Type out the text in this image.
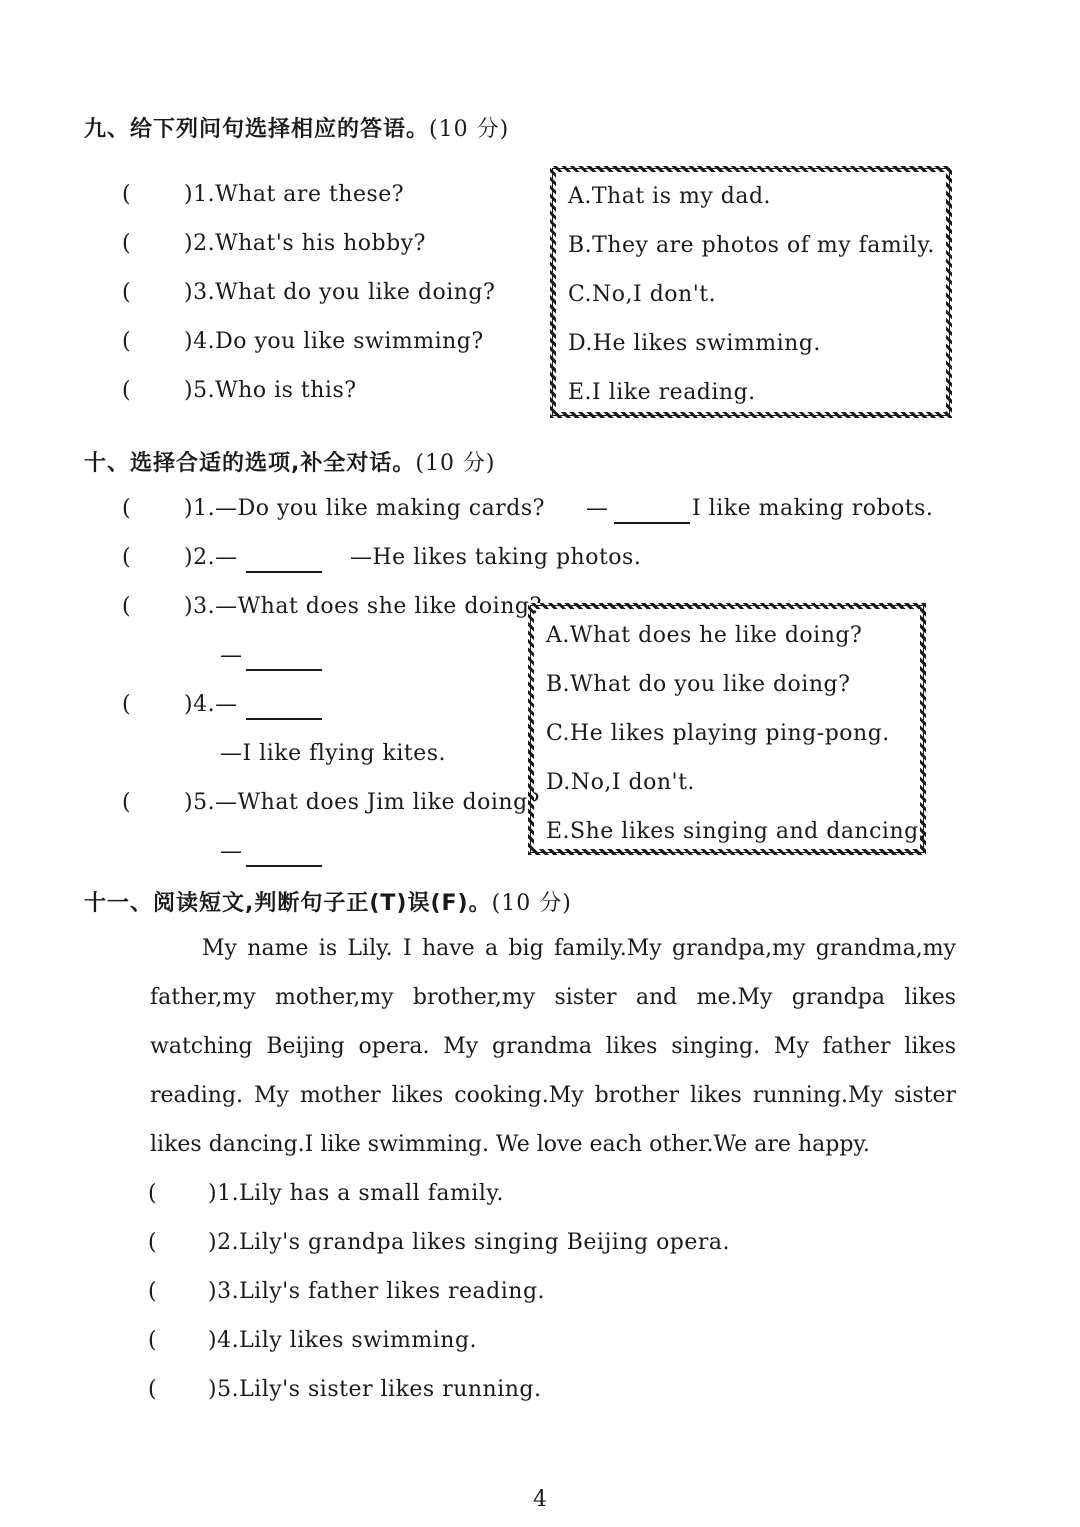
九、给下列问句选择相应的答语。(10 分)
( )1.What are these?
( )2.What's his hobby?
( )3.What do you like doing?
( )4.Do you like swimming?
( )5.Who is this?
A.That is my dad.
B.They are photos of my family.
C.No,I don't.
D.He likes swimming.
E.I like reading.
十、选择合适的选项,补全对话。(10 分)
( )1.—Do you like making cards? —	I like making robots.
( )2.—	—He likes taking photos.
( )3.—What does she like doing?
—
( )4.—
—I like flying kites.
( )5.—What does Jim like doing?
—
A.What does he like doing?
B.What do you like doing?
C.He likes playing ping-pong.
D.No,I don't.
E.She likes singing and dancing.
十一、阅读短文,判断句子正(T)误(F)。(10 分)

My name is Lily. I have a big family.My grandpa,my grandma,my father,my mother,my brother,my sister and me.My grandpa likes watching Beijing opera. My grandma likes singing. My father likes reading. My mother likes cooking.My brother likes running.My sister likes dancing.I like swimming. We love each other.We are happy.

( )1.Lily has a small family.
( )2.Lily's grandpa likes singing Beijing opera.
( )3.Lily's father likes reading.
( )4.Lily likes swimming.
( )5.Lily's sister likes running.
4
